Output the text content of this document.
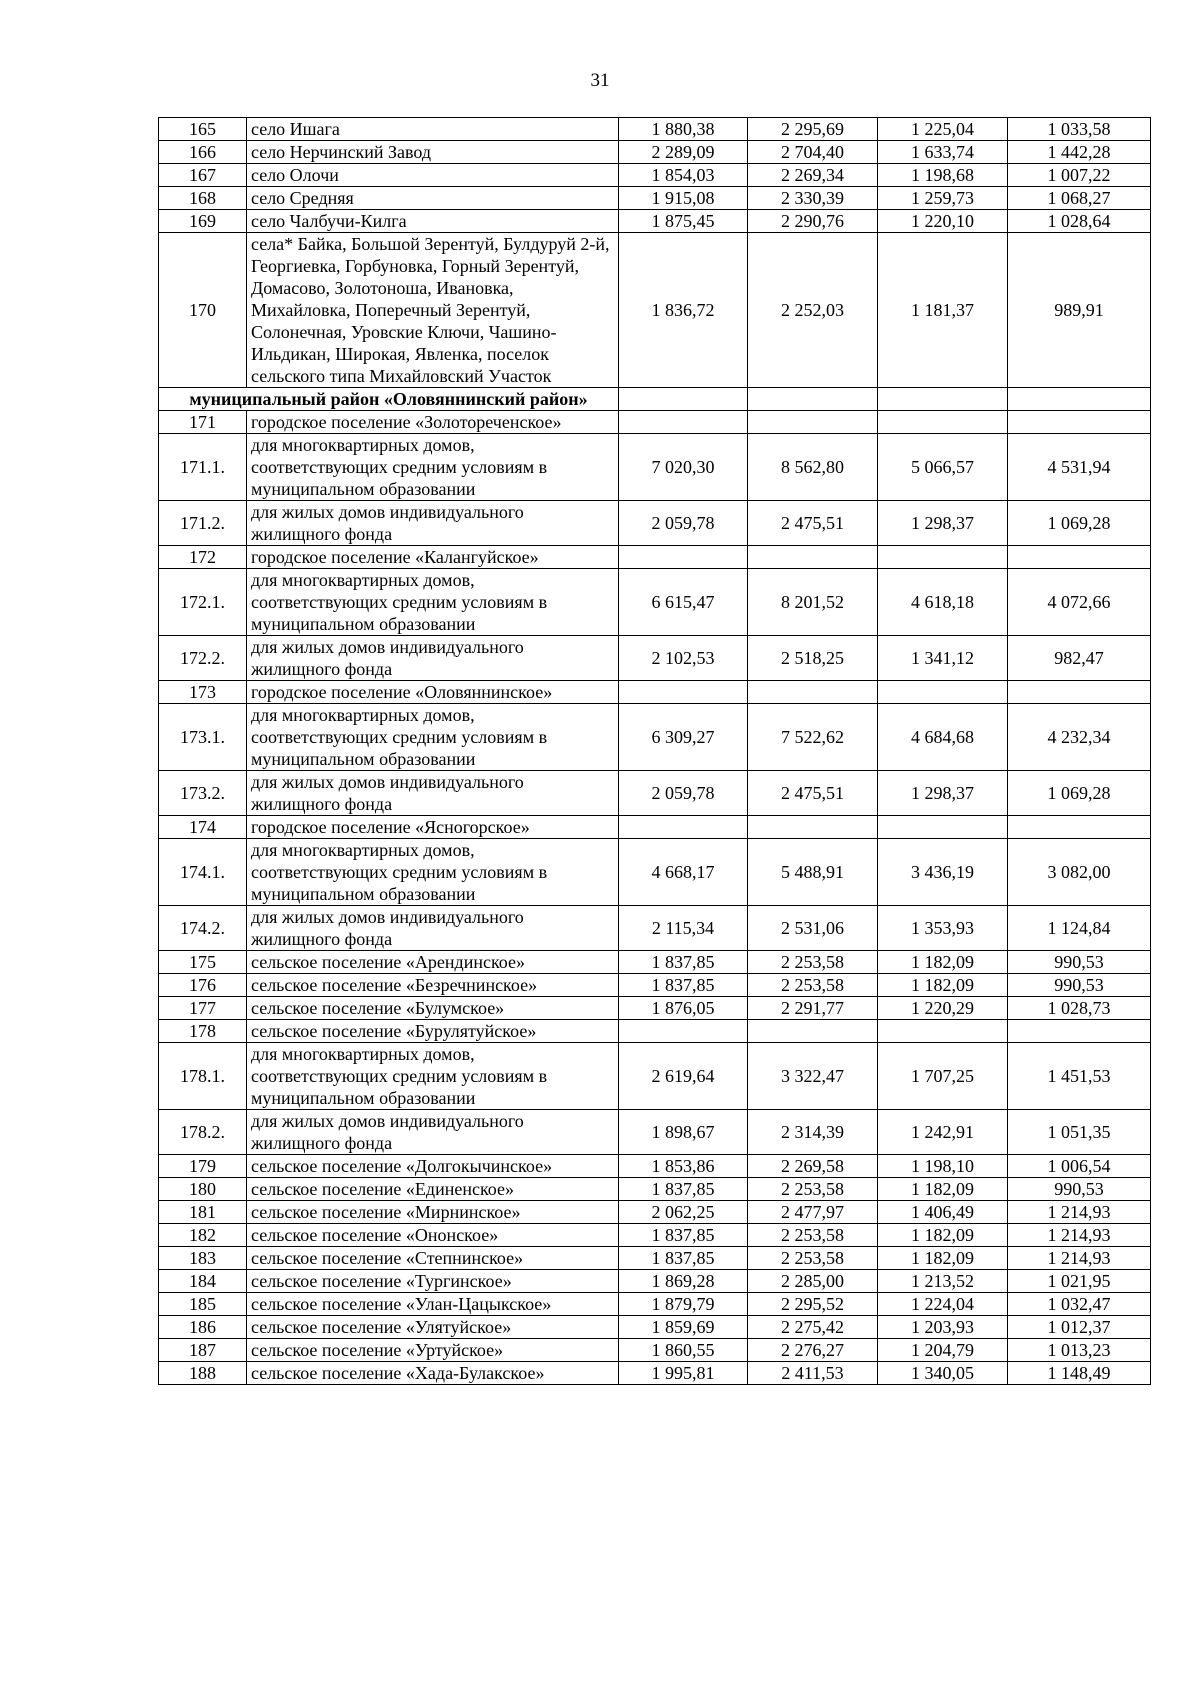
31
165	село Ишага	1 880,38	2 295,69	1 225,04	1 033,58
166	село Нерчинский Завод	2 289,09	2 704,40	1 633,74	1 442,28
167	село Олочи	1 854,03	2 269,34	1 198,68	1 007,22
168	село Средняя	1 915,08	2 330,39	1 259,73	1 068,27
169	село Чалбучи-Килга	1 875,45	2 290,76	1 220,10	1 028,64
170	села* Байка, Большой Зерентуй, Булдуруй 2-й, Георгиевка, Горбуновка, Горный Зерентуй, Домасово, Золотоноша, Ивановка, Михайловка, Поперечный Зерентуй, Солонечная, Уровские Ключи, Чашино-Ильдикан, Широкая, Явленка, поселок сельского типа Михайловский Участок	1 836,72	2 252,03	1 181,37	989,91
муниципальный район «Оловяннинский район»					
171	городское поселение «Золотореченское»				
171.1.	для многоквартирных домов, соответствующих средним условиям в муниципальном образовании	7 020,30	8 562,80	5 066,57	4 531,94
171.2.	для жилых домов индивидуального жилищного фонда	2 059,78	2 475,51	1 298,37	1 069,28
172	городское поселение «Калангуйское»				
172.1.	для многоквартирных домов, соответствующих средним условиям в муниципальном образовании	6 615,47	8 201,52	4 618,18	4 072,66
172.2.	для жилых домов индивидуального жилищного фонда	2 102,53	2 518,25	1 341,12	982,47
173	городское поселение «Оловяннинское»				
173.1.	для многоквартирных домов, соответствующих средним условиям в муниципальном образовании	6 309,27	7 522,62	4 684,68	4 232,34
173.2.	для жилых домов индивидуального жилищного фонда	2 059,78	2 475,51	1 298,37	1 069,28
174	городское поселение «Ясногорское»				
174.1.	для многоквартирных домов, соответствующих средним условиям в муниципальном образовании	4 668,17	5 488,91	3 436,19	3 082,00
174.2.	для жилых домов индивидуального жилищного фонда	2 115,34	2 531,06	1 353,93	1 124,84
175	сельское поселение «Арендинское»	1 837,85	2 253,58	1 182,09	990,53
176	сельское поселение «Безречнинское»	1 837,85	2 253,58	1 182,09	990,53
177	сельское поселение «Булумское»	1 876,05	2 291,77	1 220,29	1 028,73
178	сельское поселение «Бурулятуйское»				
178.1.	для многоквартирных домов, соответствующих средним условиям в муниципальном образовании	2 619,64	3 322,47	1 707,25	1 451,53
178.2.	для жилых домов индивидуального жилищного фонда	1 898,67	2 314,39	1 242,91	1 051,35
179	сельское поселение «Долгокычинское»	1 853,86	2 269,58	1 198,10	1 006,54
180	сельское поселение «Единенское»	1 837,85	2 253,58	1 182,09	990,53
181	сельское поселение «Мирнинское»	2 062,25	2 477,97	1 406,49	1 214,93
182	сельское поселение «Ононское»	1 837,85	2 253,58	1 182,09	1 214,93
183	сельское поселение «Степнинское»	1 837,85	2 253,58	1 182,09	1 214,93
184	сельское поселение «Тургинское»	1 869,28	2 285,00	1 213,52	1 021,95
185	сельское поселение «Улан-Цацыкское»	1 879,79	2 295,52	1 224,04	1 032,47
186	сельское поселение «Улятуйское»	1 859,69	2 275,42	1 203,93	1 012,37
187	сельское поселение «Уртуйское»	1 860,55	2 276,27	1 204,79	1 013,23
188	сельское поселение «Хада-Булакское»	1 995,81	2 411,53	1 340,05	1 148,49
